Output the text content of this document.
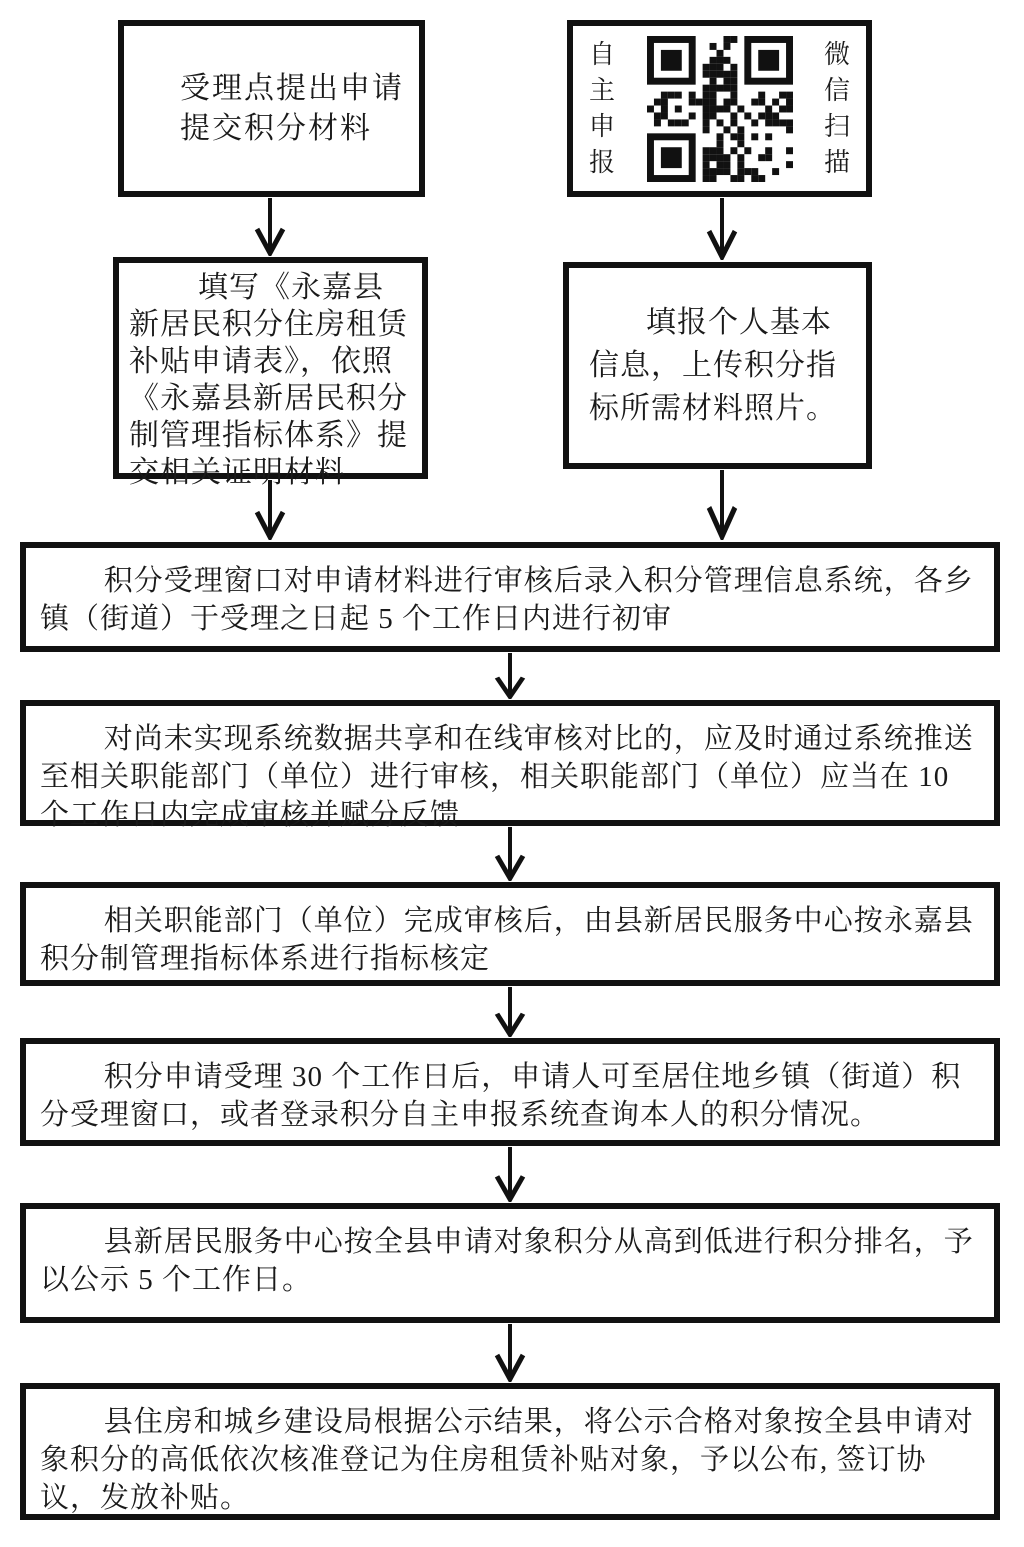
受理点提出申请
提交积分材料
自主申报
微信扫描
填写《永嘉县新居民积分住房租赁补贴申请表》，依照《永嘉县新居民积分制管理指标体系》提交相关证明材料

填报个人基本信息，上传积分指标所需材料照片。

积分受理窗口对申请材料进行审核后录入积分管理信息系统，各乡镇（街道）于受理之日起 5 个工作日内进行初审
对尚未实现系统数据共享和在线审核对比的，应及时通过系统推送至相关职能部门（单位）进行审核，相关职能部门（单位）应当在 10 个工作日内完成审核并赋分反馈
相关职能部门（单位）完成审核后，由县新居民服务中心按永嘉县积分制管理指标体系进行指标核定
积分申请受理 30 个工作日后，申请人可至居住地乡镇（街道）积分受理窗口，或者登录积分自主申报系统查询本人的积分情况。
县新居民服务中心按全县申请对象积分从高到低进行积分排名，予以公示 5 个工作日。
县住房和城乡建设局根据公示结果，将公示合格对象按全县申请对象积分的高低依次核准登记为住房租赁补贴对象，予以公布, 签订协议，发放补贴。
